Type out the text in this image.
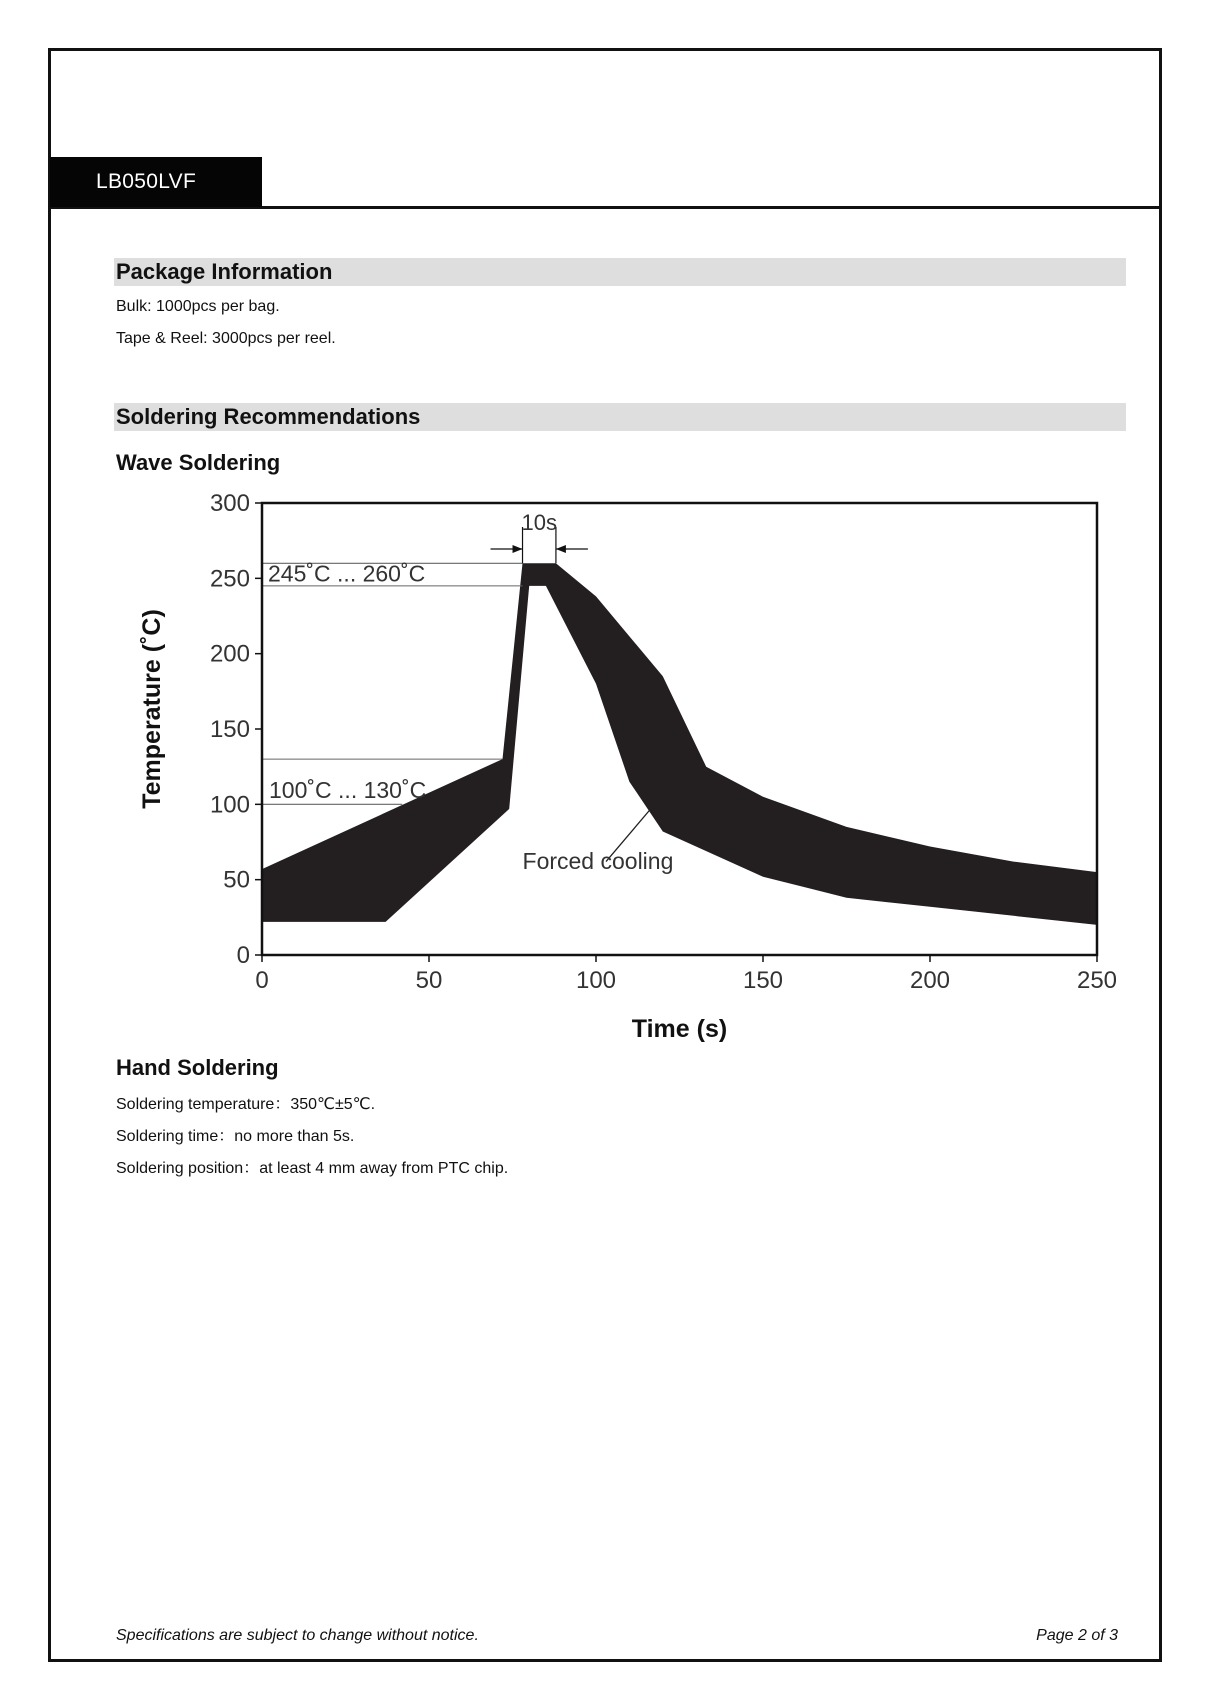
LB050LVF
Package Information
Bulk: 1000pcs per bag.
Tape & Reel: 3000pcs per reel.
Soldering Recommendations
Wave Soldering
0	50	100	150	200	250
0
50
100
150
200
250
300
245˚C ... 260˚C
100˚C ... 130˚C
10s
Forced cooling
Time (s)
Temperature (˚C)
Hand Soldering
Soldering temperature：350℃±5℃.
Soldering time：no more than 5s.
Soldering position：at least 4 mm away from PTC chip.
Specifications are subject to change without notice.	Page 2 of 3
